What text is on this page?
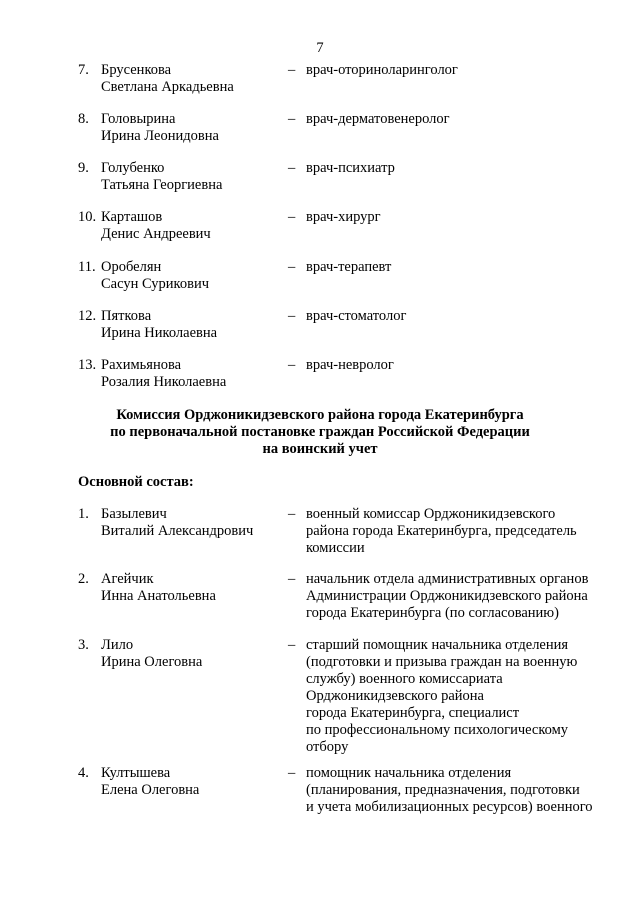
7
7. Брусенкова
Светлана Аркадьевна
– врач-оториноларинголог
8. Головырина
Ирина Леонидовна
– врач-дерматовенеролог
9. Голубенко
Татьяна Георгиевна
– врач-психиатр
10. Карташов
Денис Андреевич
– врач-хирург
11. Оробелян
Сасун Сурикович
– врач-терапевт
12. Пяткова
Ирина Николаевна
– врач-стоматолог
13. Рахимьянова
Розалия Николаевна
– врач-невролог
Комиссия Орджоникидзевского района города Екатеринбурга
по первоначальной постановке граждан Российской Федерации
на воинский учет
Основной состав:
1. Базылевич
Виталий Александрович
– военный комиссар Орджоникидзевского
района города Екатеринбурга, председатель
комиссии
2. Агейчик
Инна Анатольевна
– начальник отдела административных органов
Администрации Орджоникидзевского района
города Екатеринбурга (по согласованию)
3. Лило
Ирина Олеговна
– старший помощник начальника отделения
(подготовки и призыва граждан на военную
службу) военного комиссариата
Орджоникидзевского района
города Екатеринбурга, специалист
по профессиональному психологическому
отбору
4. Култышева
Елена Олеговна
– помощник начальника отделения
(планирования, предназначения, подготовки
и учета мобилизационных ресурсов) военного
